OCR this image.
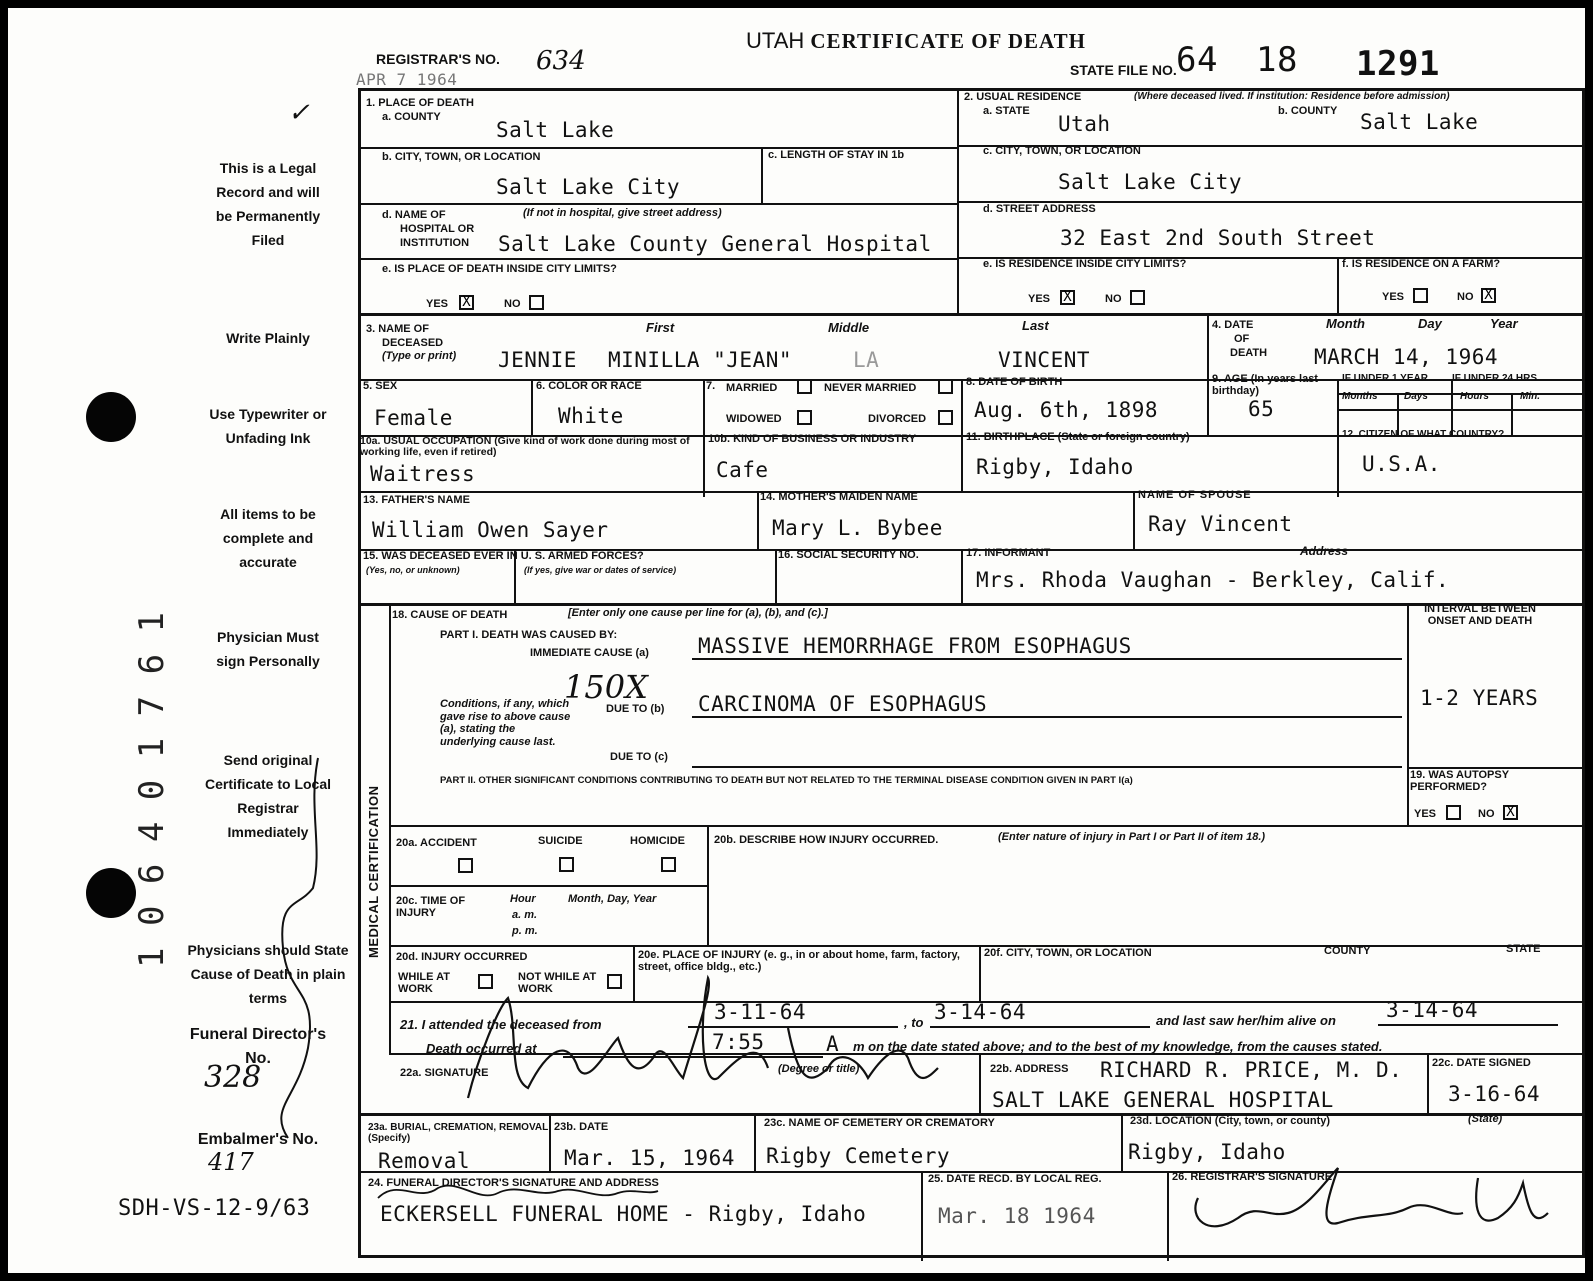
✓
REGISTRAR'S NO. 634
APR 7 1964
UTAH CERTIFICATE OF DEATH
STATE FILE NO. 64 18 1291
This is a Legal Record and will be Permanently Filed
Write Plainly
Use Typewriter or Unfading Ink
All items to be complete and accurate
Physician Must sign Personally
Send original Certificate to Local Registrar Immediately
Physicians should State Cause of Death in plain terms
Funeral Director's No.
328
Embalmer's No.
417
SDH-VS-12-9/63
1 0 6 4 0 1 7 6 1
1. PLACE OF DEATH
a. COUNTY
Salt Lake
b. CITY, TOWN, OR LOCATION
Salt Lake City
c. LENGTH OF STAY IN 1b
d. NAME OF
HOSPITAL OR
INSTITUTION
(If not in hospital, give street address)
Salt Lake County General Hospital
e. IS PLACE OF DEATH INSIDE CITY LIMITS?
YES X	NO
2. USUAL RESIDENCE	(Where deceased lived. If institution: Residence before admission)
a. STATE
Utah
b. COUNTY Salt Lake
c. CITY, TOWN, OR LOCATION
Salt Lake City
d. STREET ADDRESS
32 East 2nd South Street
e. IS RESIDENCE INSIDE CITY LIMITS?
YES X	NO
f. IS RESIDENCE ON A FARM?
YES	NO X
3. NAME OF
DECEASED
(Type or print)
First	Middle	Last
JENNIE MINILLA "JEAN"	LA	VINCENT
4. DATE
OF
DEATH
Month	Day	Year
MARCH 14, 1964
5. SEX
Female
6. COLOR OR RACE
White
7. MARRIED	NEVER MARRIED
WIDOWED	DIVORCED
8. DATE OF BIRTH
Aug. 6th, 1898
9. AGE (In years last birthday)
65
IF UNDER 1 YEAR IF UNDER 24 HRS.
Months	Days	Hours	Min.
10a. USUAL OCCUPATION (Give kind of work done during most of working life, even if retired)
Waitress
10b. KIND OF BUSINESS OR INDUSTRY
Cafe
11. BIRTHPLACE (State or foreign country)
Rigby, Idaho
12. CITIZEN OF WHAT COUNTRY?
U.S.A.
13. FATHER'S NAME
William Owen Sayer
14. MOTHER'S MAIDEN NAME
Mary L. Bybee
NAME OF SPOUSE
Ray Vincent
15. WAS DECEASED EVER IN U. S. ARMED FORCES?
(Yes, no, or unknown)	(If yes, give war or dates of service)
16. SOCIAL SECURITY NO.	17. INFORMANT	Address
Mrs. Rhoda Vaughan - Berkley, Calif.
MEDICAL CERTIFICATION
18. CAUSE OF DEATH	[Enter only one cause per line for (a), (b), and (c).]
PART I. DEATH WAS CAUSED BY:
IMMEDIATE CAUSE (a) MASSIVE HEMORRHAGE FROM ESOPHAGUS
150X
Conditions, if any, which gave rise to above cause (a), stating the underlying cause last.
DUE TO (b) CARCINOMA OF ESOPHAGUS
DUE TO (c)
INTERVAL BETWEEN ONSET AND DEATH
1-2 YEARS
PART II. OTHER SIGNIFICANT CONDITIONS CONTRIBUTING TO DEATH BUT NOT RELATED TO THE TERMINAL DISEASE CONDITION GIVEN IN PART I(a)	19. WAS AUTOPSY PERFORMED?
YES	NO X
20a. ACCIDENT	SUICIDE	HOMICIDE	20b. DESCRIBE HOW INJURY OCCURRED.	(Enter nature of injury in Part I or Part II of item 18.)
20c. TIME OF INJURY
Hour
a. m.
p. m.
Month, Day, Year
20d. INJURY OCCURRED
WHILE AT WORK
NOT WHILE AT WORK
20e. PLACE OF INJURY (e. g., in or about home, farm, factory, street, office bldg., etc.)
20f. CITY, TOWN, OR LOCATION	COUNTY	STATE
21. I attended the deceased from
3-11-64	, to 3-14-64	and last saw her/him alive on 3-14-64
Death occurred at	7:55	A m on the date stated above; and to the best of my knowledge, from the causes stated.
22a. SIGNATURE	(Degree or title)	22b. ADDRESS RICHARD R. PRICE, M. D.
SALT LAKE GENERAL HOSPITAL
22c. DATE SIGNED
3-16-64
23a. BURIAL, CREMATION, REMOVAL (Specify)
Removal
23b. DATE
Mar. 15, 1964
23c. NAME OF CEMETERY OR CREMATORY
Rigby Cemetery
23d. LOCATION (City, town, or county)	(State)
Rigby, Idaho
24. FUNERAL DIRECTOR'S SIGNATURE AND ADDRESS
ECKERSELL FUNERAL HOME - Rigby, Idaho
25. DATE RECD. BY LOCAL REG.
Mar. 18 1964
26. REGISTRAR'S SIGNATURE
